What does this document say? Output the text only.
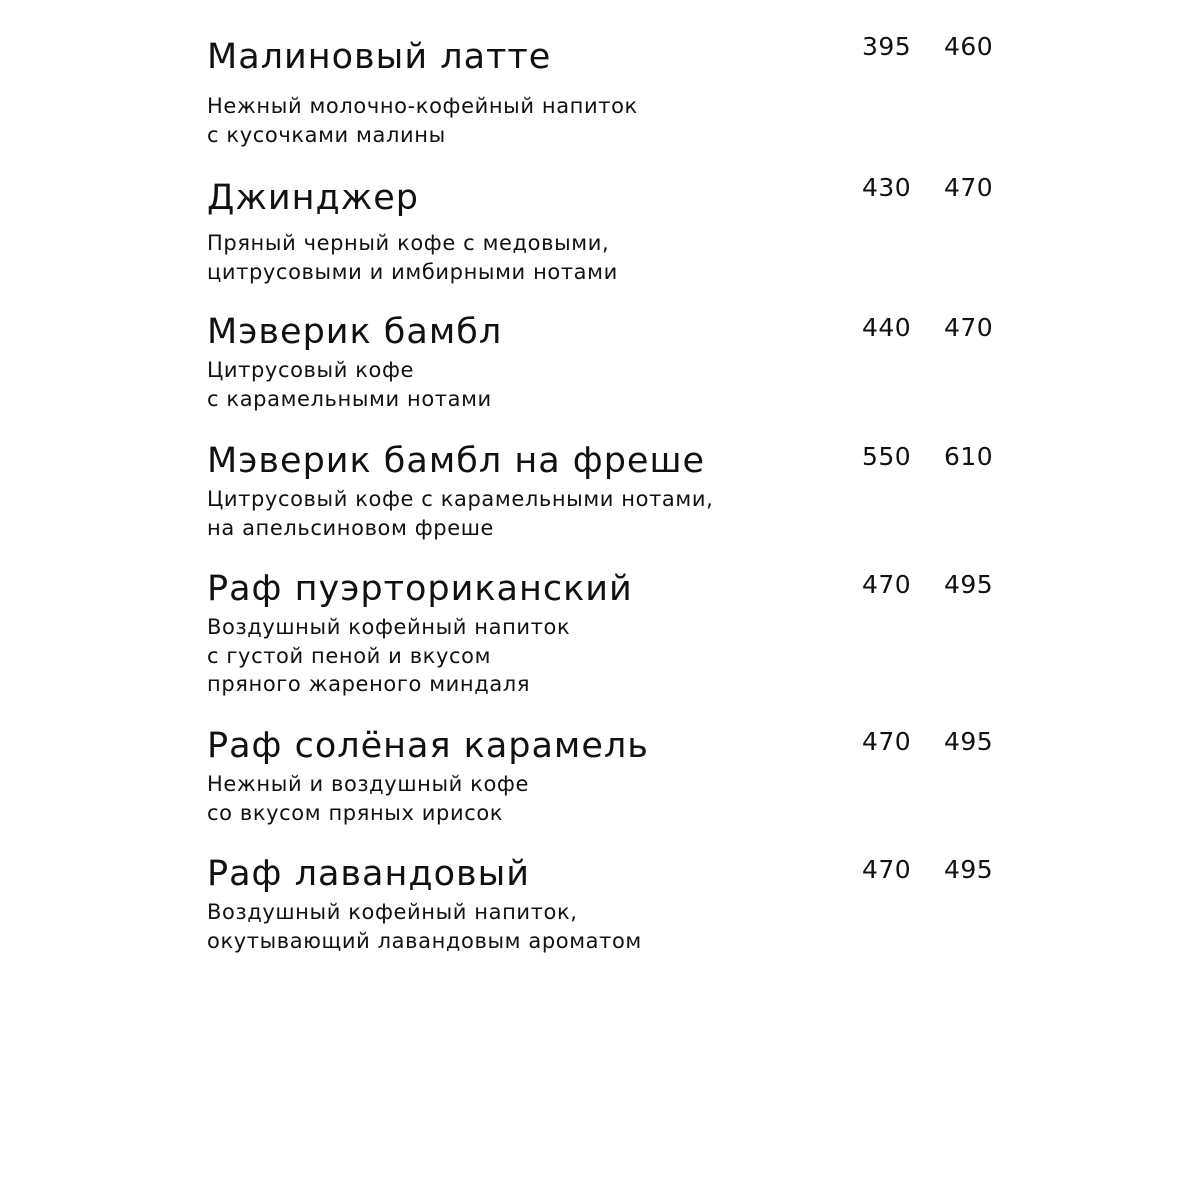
Малиновый латте
Нежный молочно-кофейный напиток
с кусочками малины
395 460
Джинджер
Пряный черный кофе с медовыми,
цитрусовыми и имбирными нотами
430 470
Мэверик бамбл
Цитрусовый кофе
с карамельными нотами
440 470
Мэверик бамбл на фреше
Цитрусовый кофе с карамельными нотами,
на апельсиновом фреше
550 610
Раф пуэрториканский
Воздушный кофейный напиток
с густой пеной и вкусом
пряного жареного миндаля
470 495
Раф солёная карамель
Нежный и воздушный кофе
со вкусом пряных ирисок
470 495
Раф лавандовый
Воздушный кофейный напиток,
окутывающий лавандовым ароматом
470 495
